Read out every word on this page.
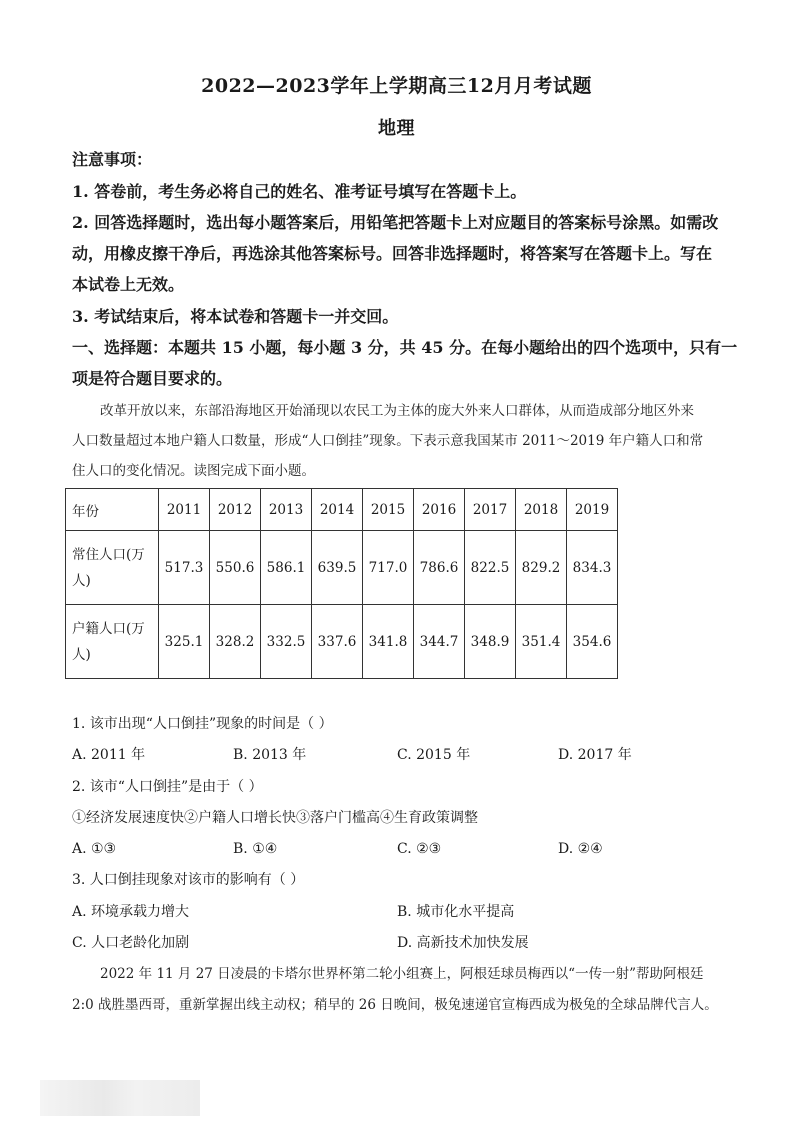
2022—2023学年上学期高三12月月考试题
地理
注意事项：
1. 答卷前，考生务必将自己的姓名、准考证号填写在答题卡上。
2. 回答选择题时，选出每小题答案后，用铅笔把答题卡上对应题目的答案标号涂黑。如需改
动，用橡皮擦干净后，再选涂其他答案标号。回答非选择题时，将答案写在答题卡上。写在
本试卷上无效。
3. 考试结束后，将本试卷和答题卡一并交回。
一、选择题：本题共 15 小题，每小题 3 分，共 45 分。在每小题给出的四个选项中，只有一
项是符合题目要求的。
改革开放以来，东部沿海地区开始涌现以农民工为主体的庞大外来人口群体，从而造成部分地区外来
人口数量超过本地户籍人口数量，形成“人口倒挂”现象。下表示意我国某市 2011～2019 年户籍人口和常
住人口的变化情况。读图完成下面小题。
年份	2011	2012	2013	2014	2015	2016	2017	2018	2019

常住人口(万人)	517.3	550.6	586.1	639.5	717.0	786.6	822.5	829.2	834.3

户籍人口(万人)	325.1	328.2	332.5	337.6	341.8	344.7	348.9	351.4	354.6
1. 该市出现“人口倒挂”现象的时间是（ ）
A. 2011 年	B. 2013 年	C. 2015 年	D. 2017 年
2. 该市“人口倒挂”是由于（ ）
①经济发展速度快②户籍人口增长快③落户门槛高④生育政策调整
A. ①③	B. ①④	C. ②③	D. ②④
3. 人口倒挂现象对该市的影响有（ ）
A. 环境承载力增大	B. 城市化水平提高
C. 人口老龄化加剧	D. 高新技术加快发展
2022 年 11 月 27 日凌晨的卡塔尔世界杯第二轮小组赛上，阿根廷球员梅西以“一传一射”帮助阿根廷
2:0 战胜墨西哥，重新掌握出线主动权；稍早的 26 日晚间，极兔速递官宣梅西成为极兔的全球品牌代言人。
